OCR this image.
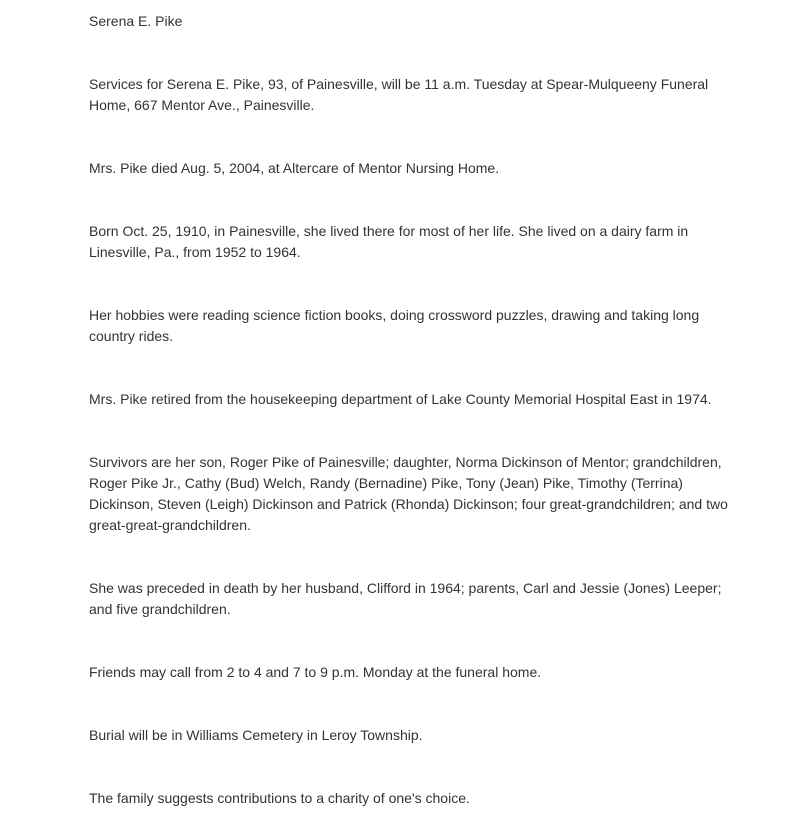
Serena E. Pike

Services for Serena E. Pike, 93, of Painesville, will be 11 a.m. Tuesday at Spear-Mulqueeny Funeral Home, 667 Mentor Ave., Painesville.

Mrs. Pike died Aug. 5, 2004, at Altercare of Mentor Nursing Home.

Born Oct. 25, 1910, in Painesville, she lived there for most of her life. She lived on a dairy farm in Linesville, Pa., from 1952 to 1964.

Her hobbies were reading science fiction books, doing crossword puzzles, drawing and taking long country rides.

Mrs. Pike retired from the housekeeping department of Lake County Memorial Hospital East in 1974.

Survivors are her son, Roger Pike of Painesville; daughter, Norma Dickinson of Mentor; grandchildren, Roger Pike Jr., Cathy (Bud) Welch, Randy (Bernadine) Pike, Tony (Jean) Pike, Timothy (Terrina) Dickinson, Steven (Leigh) Dickinson and Patrick (Rhonda) Dickinson; four great-grandchildren; and two great-great-grandchildren.

She was preceded in death by her husband, Clifford in 1964; parents, Carl and Jessie (Jones) Leeper; and five grandchildren.

Friends may call from 2 to 4 and 7 to 9 p.m. Monday at the funeral home.

Burial will be in Williams Cemetery in Leroy Township.

The family suggests contributions to a charity of one's choice.
